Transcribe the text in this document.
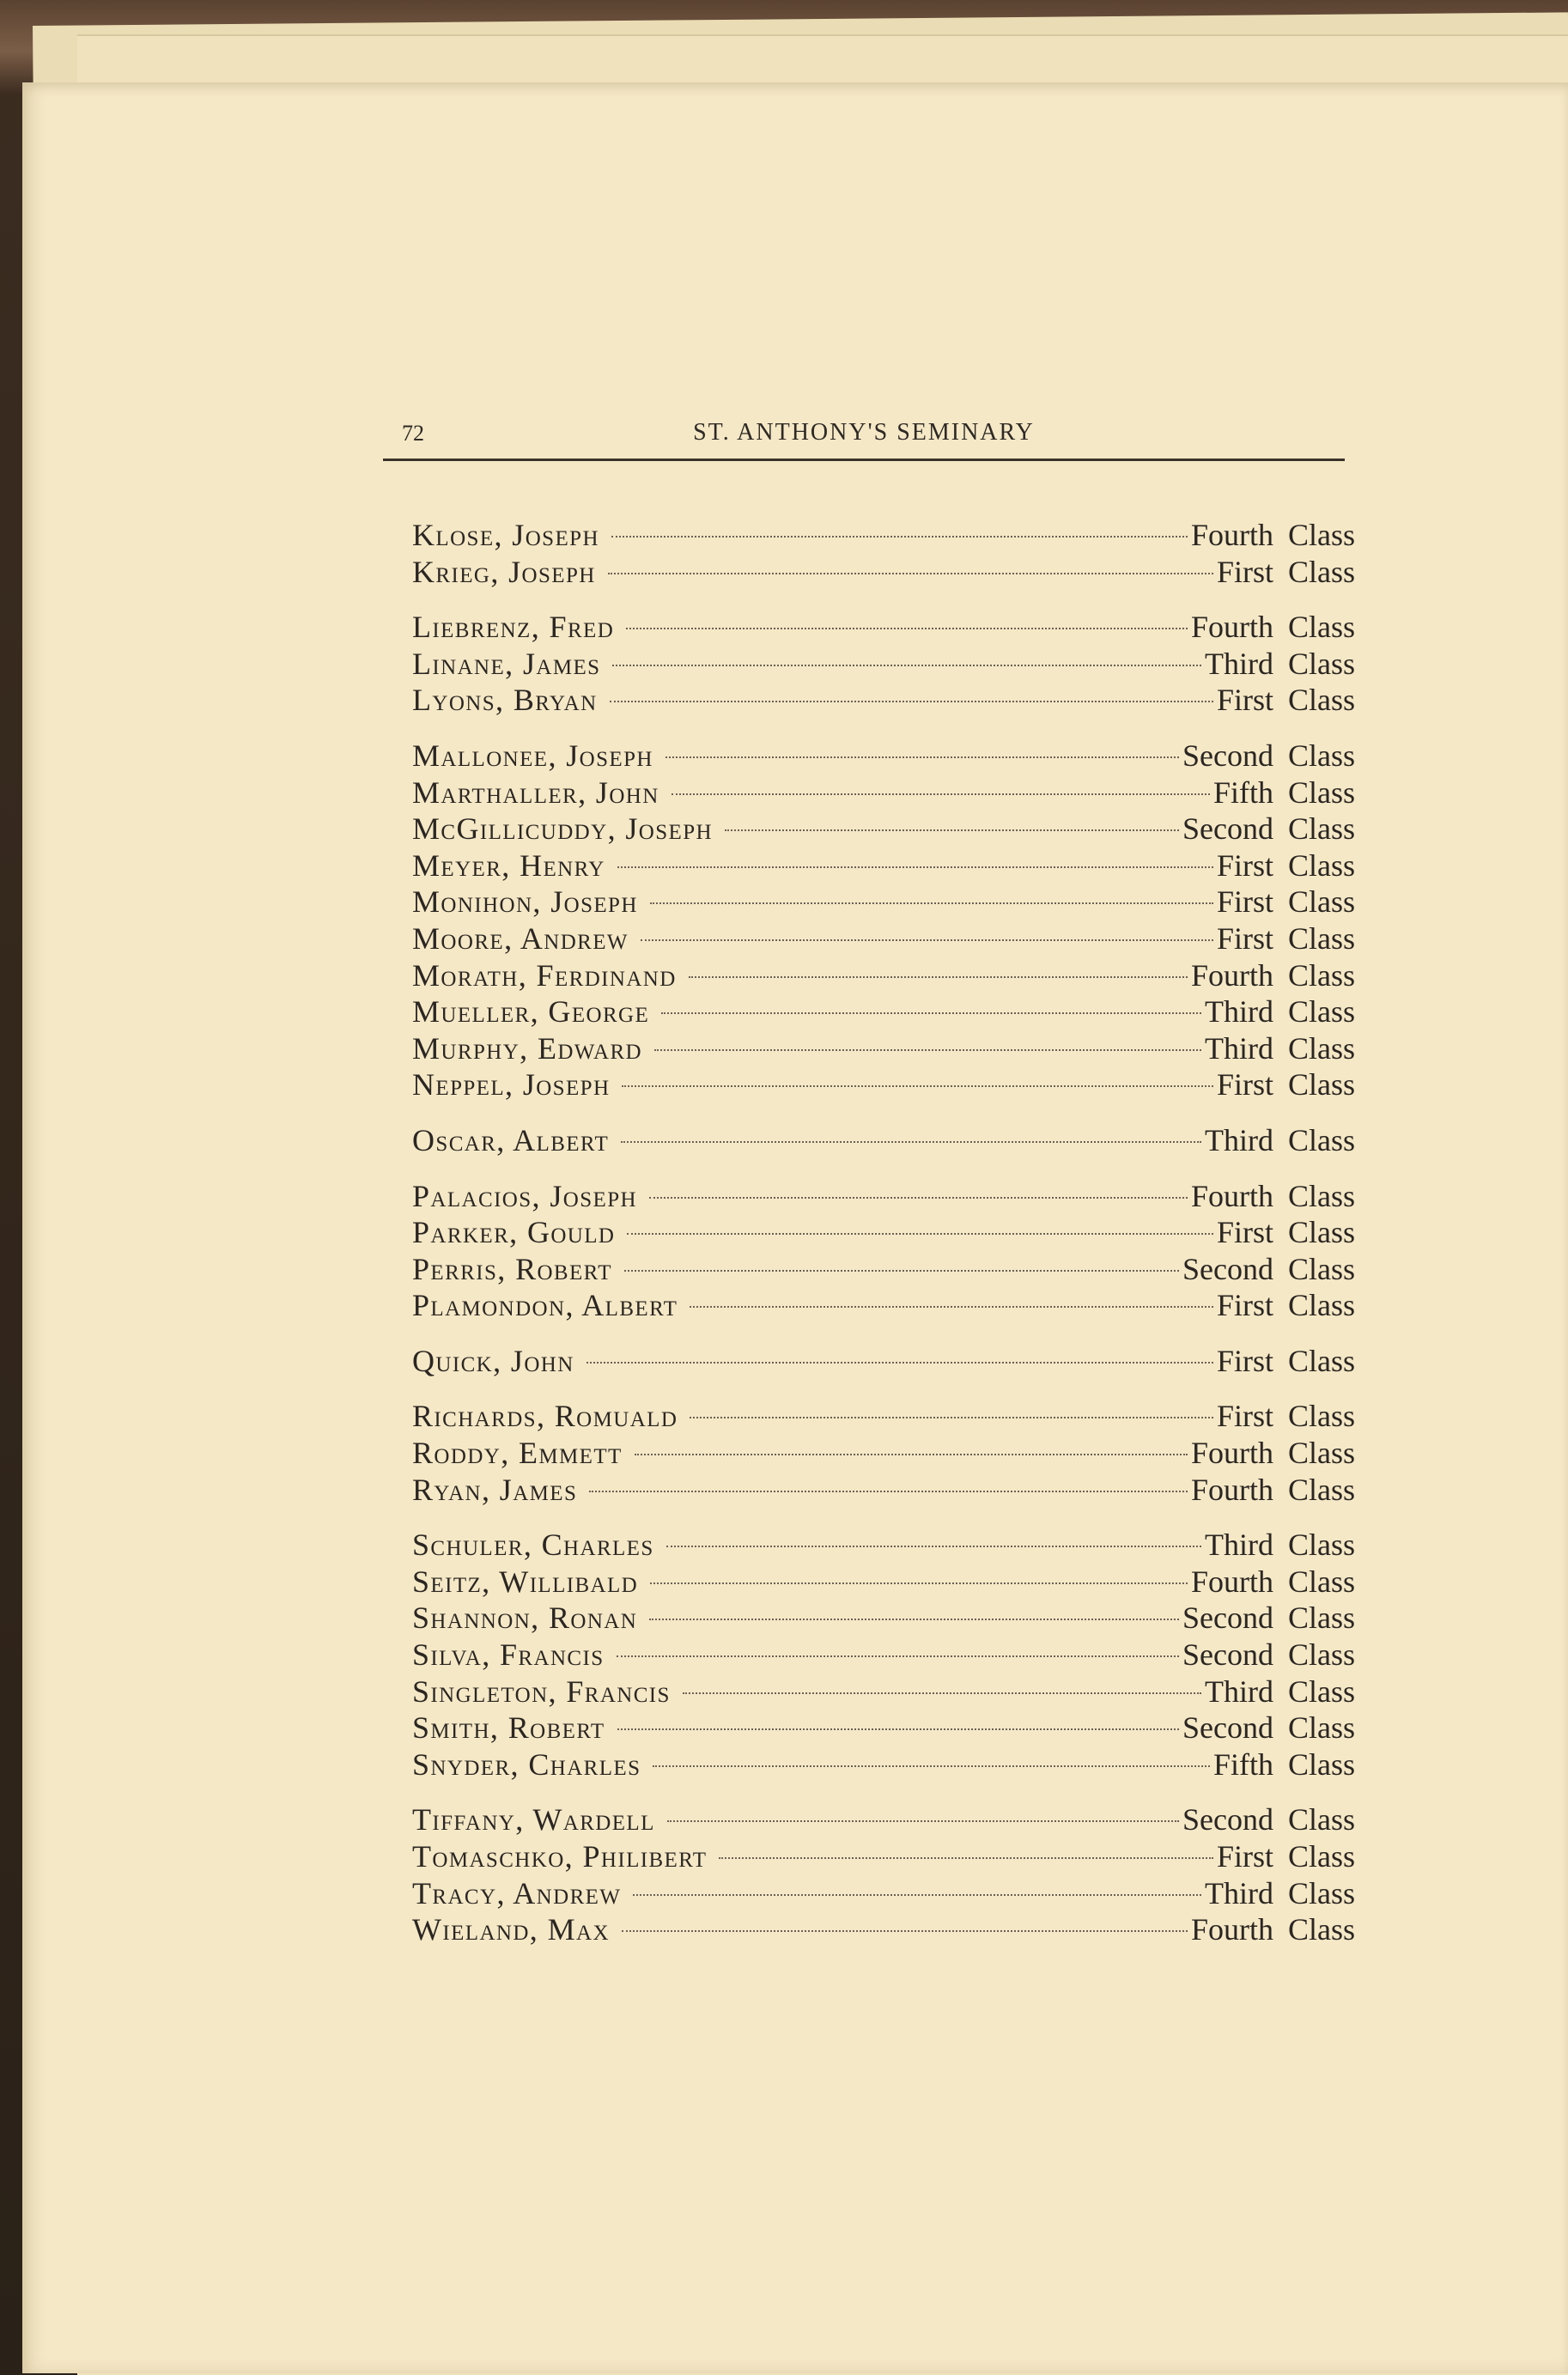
72	ST. ANTHONY'S SEMINARY
Klose, Joseph	Fourth Class
Krieg, Joseph	First Class
Liebrenz, Fred	Fourth Class
Linane, James	Third Class
Lyons, Bryan	First Class
Mallonee, Joseph	Second Class
Marthaller, John	Fifth Class
McGillicuddy, Joseph	Second Class
Meyer, Henry	First Class
Monihon, Joseph	First Class
Moore, Andrew	First Class
Morath, Ferdinand	Fourth Class
Mueller, George	Third Class
Murphy, Edward	Third Class
Neppel, Joseph	First Class
Oscar, Albert	Third Class
Palacios, Joseph	Fourth Class
Parker, Gould	First Class
Perris, Robert	Second Class
Plamondon, Albert	First Class
Quick, John	First Class
Richards, Romuald	First Class
Roddy, Emmett	Fourth Class
Ryan, James	Fourth Class
Schuler, Charles	Third Class
Seitz, Willibald	Fourth Class
Shannon, Ronan	Second Class
Silva, Francis	Second Class
Singleton, Francis	Third Class
Smith, Robert	Second Class
Snyder, Charles	Fifth Class
Tiffany, Wardell	Second Class
Tomaschko, Philibert	First Class
Tracy, Andrew	Third Class
Wieland, Max	Fourth Class
